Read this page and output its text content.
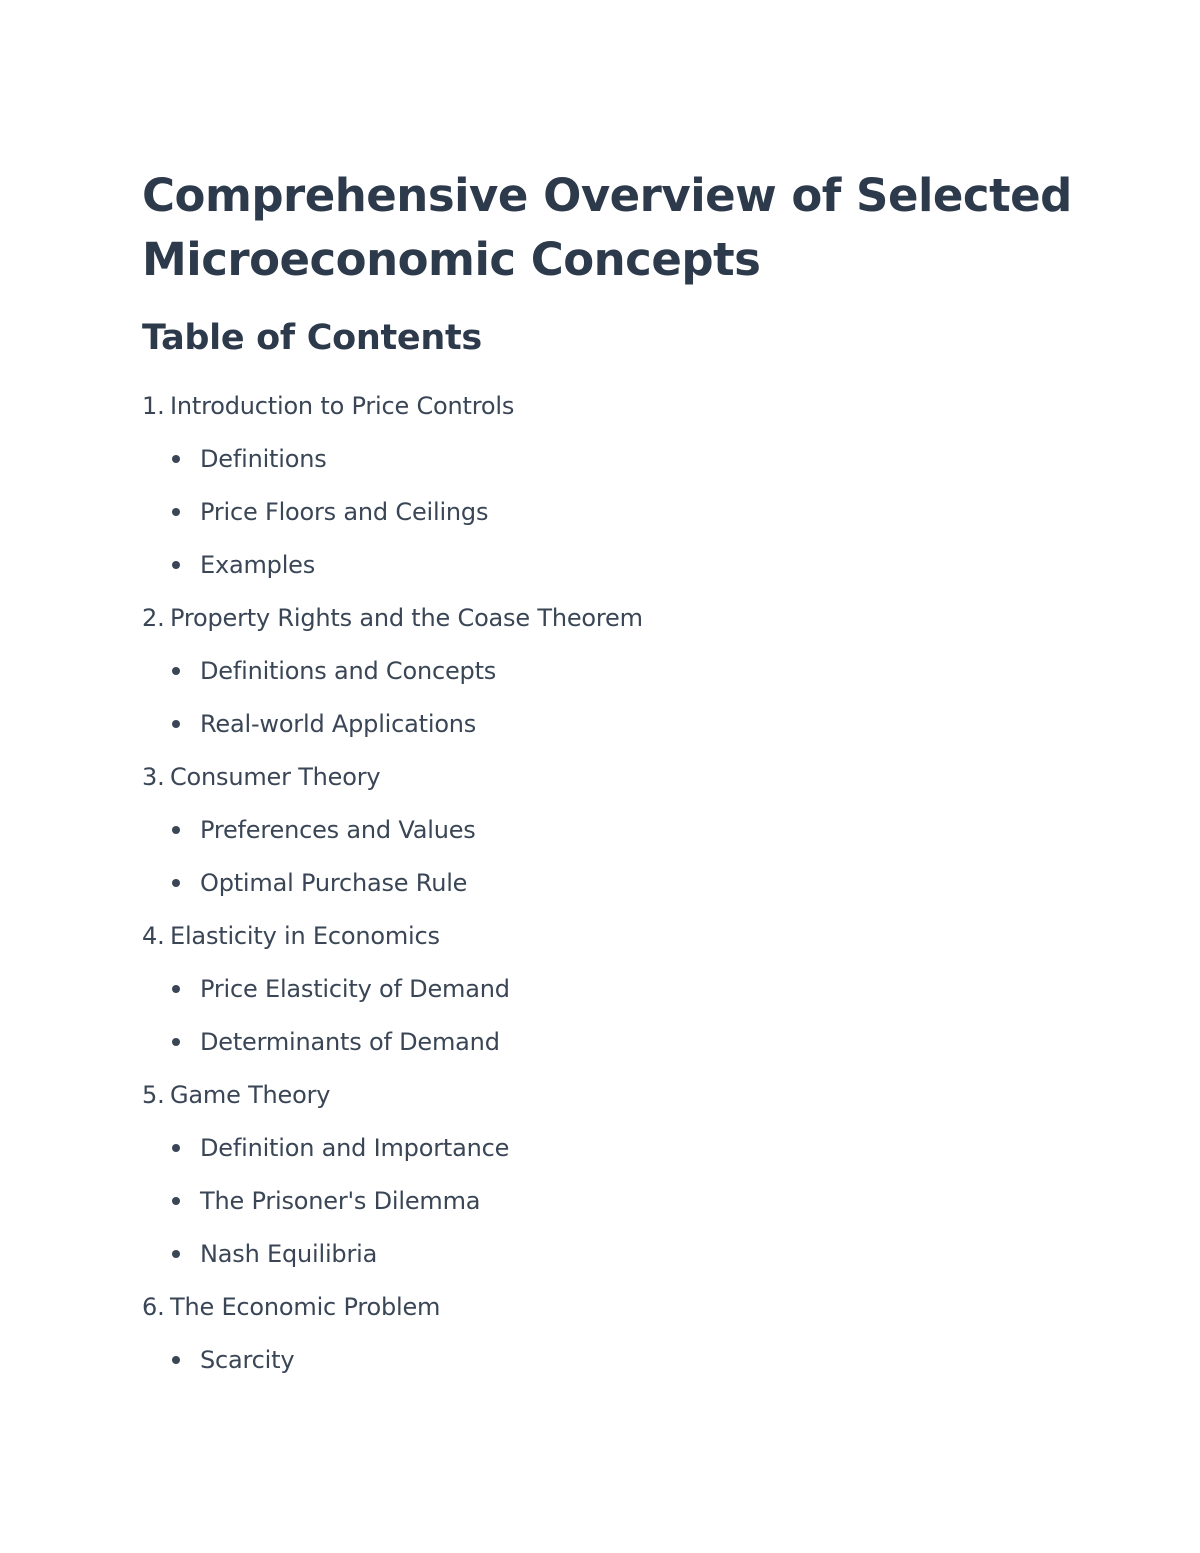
Comprehensive Overview of Selected Microeconomic Concepts
Table of Contents
1. Introduction to Price Controls
Definitions
Price Floors and Ceilings
Examples
2. Property Rights and the Coase Theorem
Definitions and Concepts
Real-world Applications
3. Consumer Theory
Preferences and Values
Optimal Purchase Rule
4. Elasticity in Economics
Price Elasticity of Demand
Determinants of Demand
5. Game Theory
Definition and Importance
The Prisoner's Dilemma
Nash Equilibria
6. The Economic Problem
Scarcity
